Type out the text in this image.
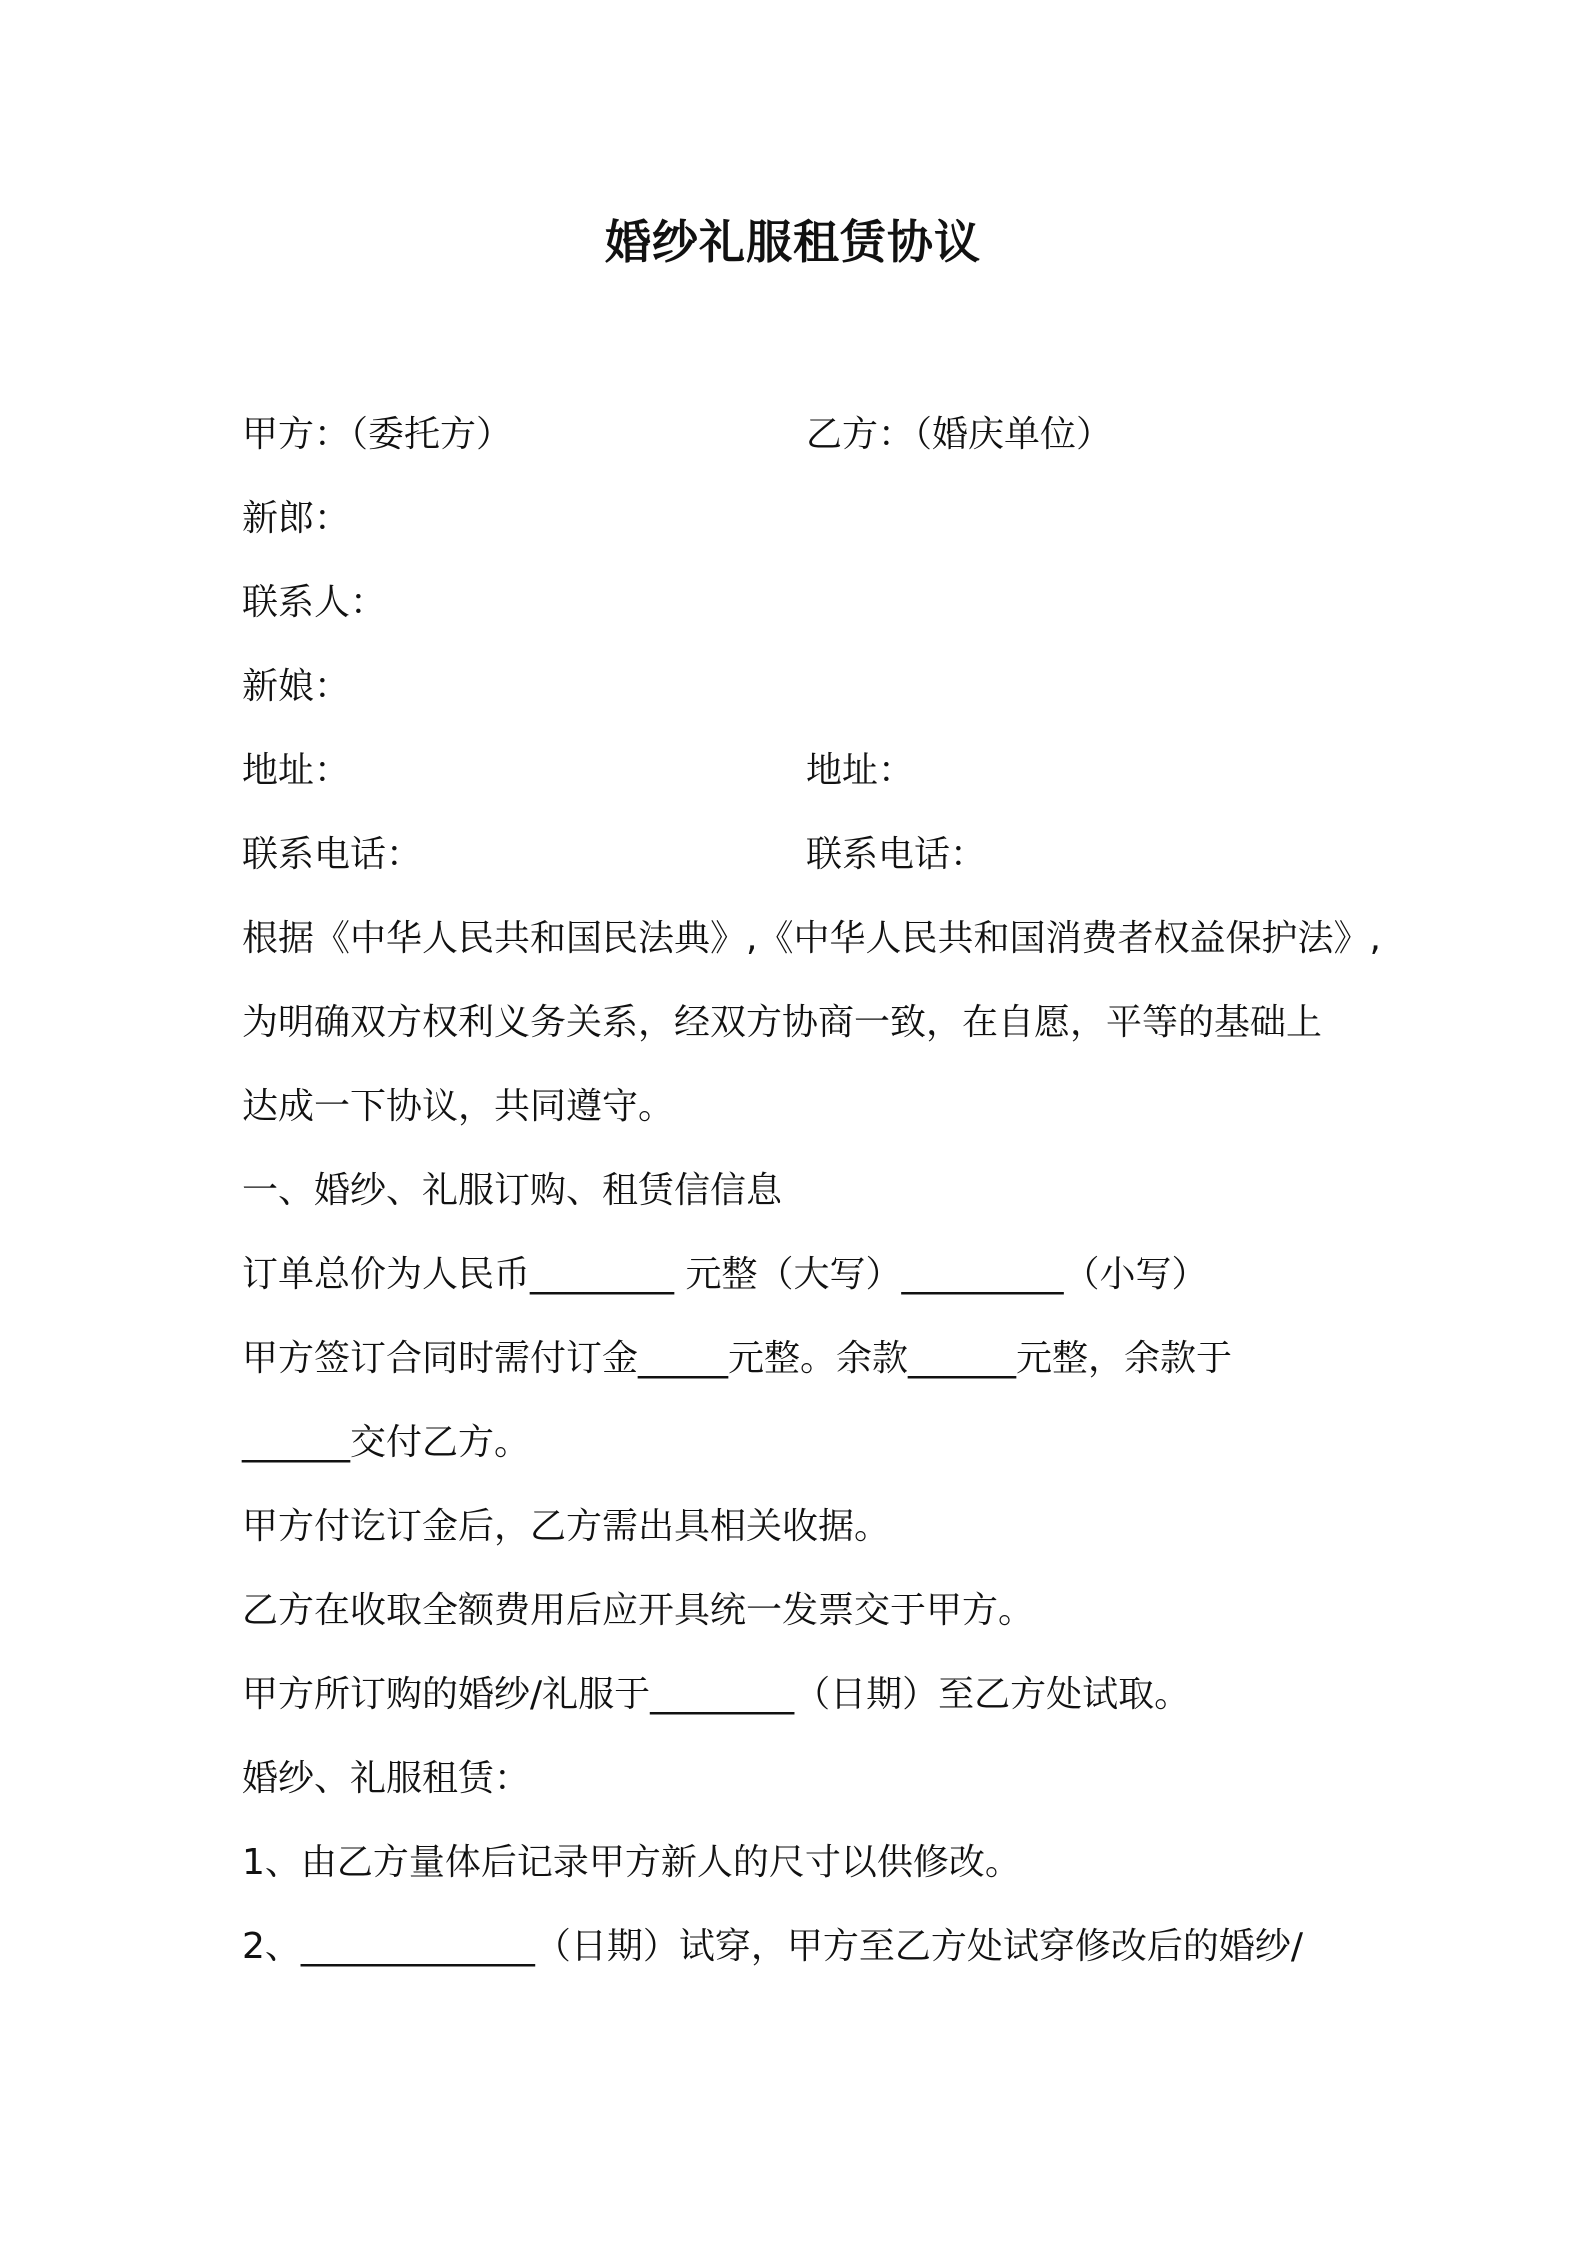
婚纱礼服租赁协议
甲方：（委托方）	乙方：（婚庆单位）
新郎：
联系人：
新娘：
地址：	地址：
联系电话：	联系电话：
根据《中华人民共和国民法典》,《中华人民共和国消费者权益保护法》,
为明确双方权利义务关系，经双方协商一致，在自愿，平等的基础上
达成一下协议，共同遵守。
一、婚纱、礼服订购、租赁信信息
订单总价为人民币________ 元整（大写）_________（小写）
甲方签订合同时需付订金_____元整。余款______元整，余款于
______交付乙方。
甲方付讫订金后，乙方需出具相关收据。
乙方在收取全额费用后应开具统一发票交于甲方。
甲方所订购的婚纱/礼服于________（日期）至乙方处试取。
婚纱、礼服租赁：
1、由乙方量体后记录甲方新人的尺寸以供修改。
2、_____________（日期）试穿，甲方至乙方处试穿修改后的婚纱/
